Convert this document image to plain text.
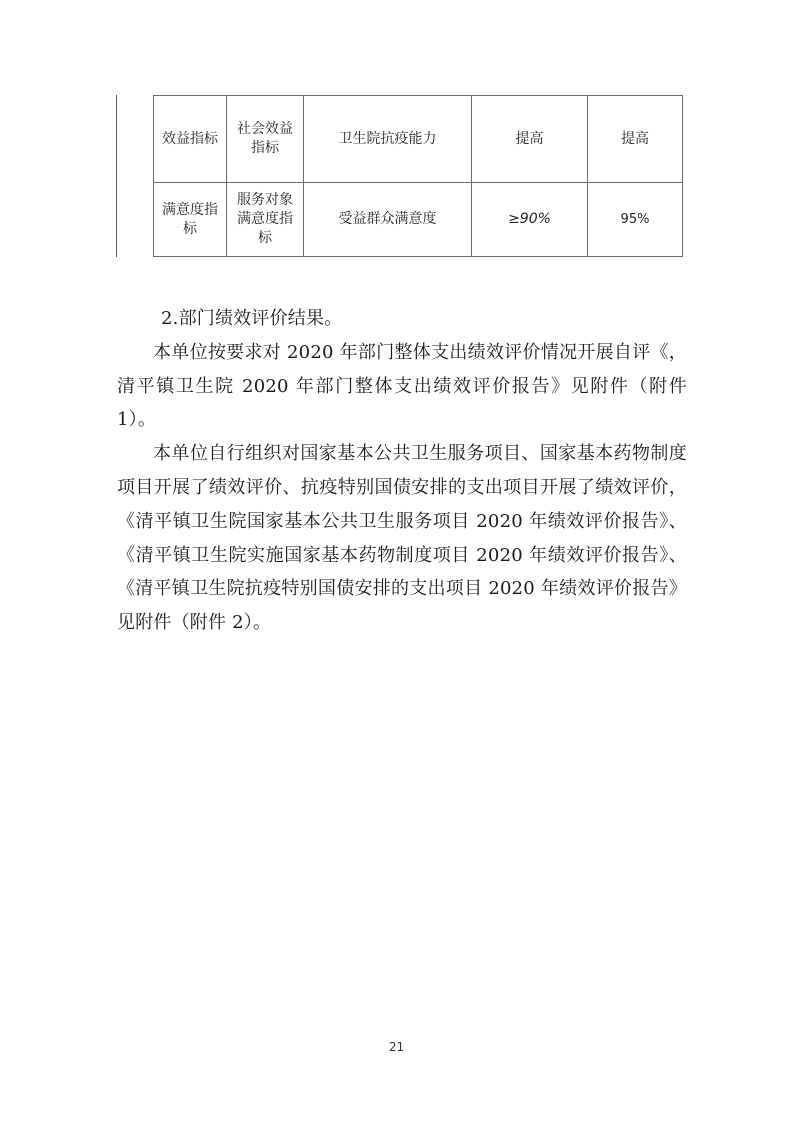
效益指标	社会效益指标	卫生院抗疫能力	提高	提高
满意度指标	服务对象满意度指标	受益群众满意度	≥90%	95%

2.部门绩效评价结果。

本单位按要求对 2020 年部门整体支出绩效评价情况开展自评《，清平镇卫生院 2020 年部门整体支出绩效评价报告》见附件（附件 1）。

本单位自行组织对国家基本公共卫生服务项目、国家基本药物制度项目开展了绩效评价、抗疫特别国债安排的支出项目开展了绩效评价，《清平镇卫生院国家基本公共卫生服务项目 2020 年绩效评价报告》、《清平镇卫生院实施国家基本药物制度项目 2020 年绩效评价报告》、《清平镇卫生院抗疫特别国债安排的支出项目 2020 年绩效评价报告》见附件（附件 2）。

21
